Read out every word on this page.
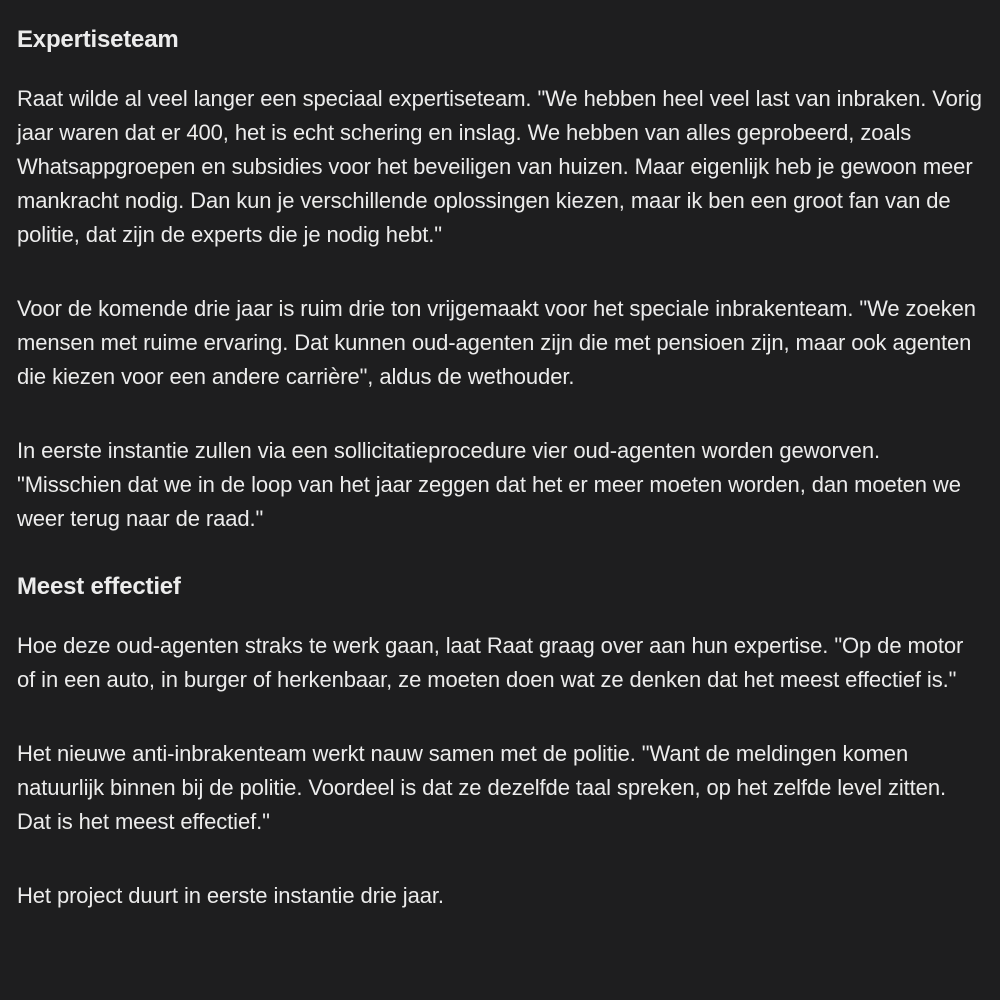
Expertiseteam

Raat wilde al veel langer een speciaal expertiseteam. "We hebben heel veel last van inbraken. Vorig jaar waren dat er 400, het is echt schering en inslag. We hebben van alles geprobeerd, zoals Whatsappgroepen en subsidies voor het beveiligen van huizen. Maar eigenlijk heb je gewoon meer mankracht nodig. Dan kun je verschillende oplossingen kiezen, maar ik ben een groot fan van de politie, dat zijn de experts die je nodig hebt."

Voor de komende drie jaar is ruim drie ton vrijgemaakt voor het speciale inbrakenteam. "We zoeken mensen met ruime ervaring. Dat kunnen oud-agenten zijn die met pensioen zijn, maar ook agenten die kiezen voor een andere carrière", aldus de wethouder.

In eerste instantie zullen via een sollicitatieprocedure vier oud-agenten worden geworven. "Misschien dat we in de loop van het jaar zeggen dat het er meer moeten worden, dan moeten we weer terug naar de raad."

Meest effectief

Hoe deze oud-agenten straks te werk gaan, laat Raat graag over aan hun expertise. "Op de motor of in een auto, in burger of herkenbaar, ze moeten doen wat ze denken dat het meest effectief is."

Het nieuwe anti-inbrakenteam werkt nauw samen met de politie. "Want de meldingen komen natuurlijk binnen bij de politie. Voordeel is dat ze dezelfde taal spreken, op het zelfde level zitten. Dat is het meest effectief."

Het project duurt in eerste instantie drie jaar.
